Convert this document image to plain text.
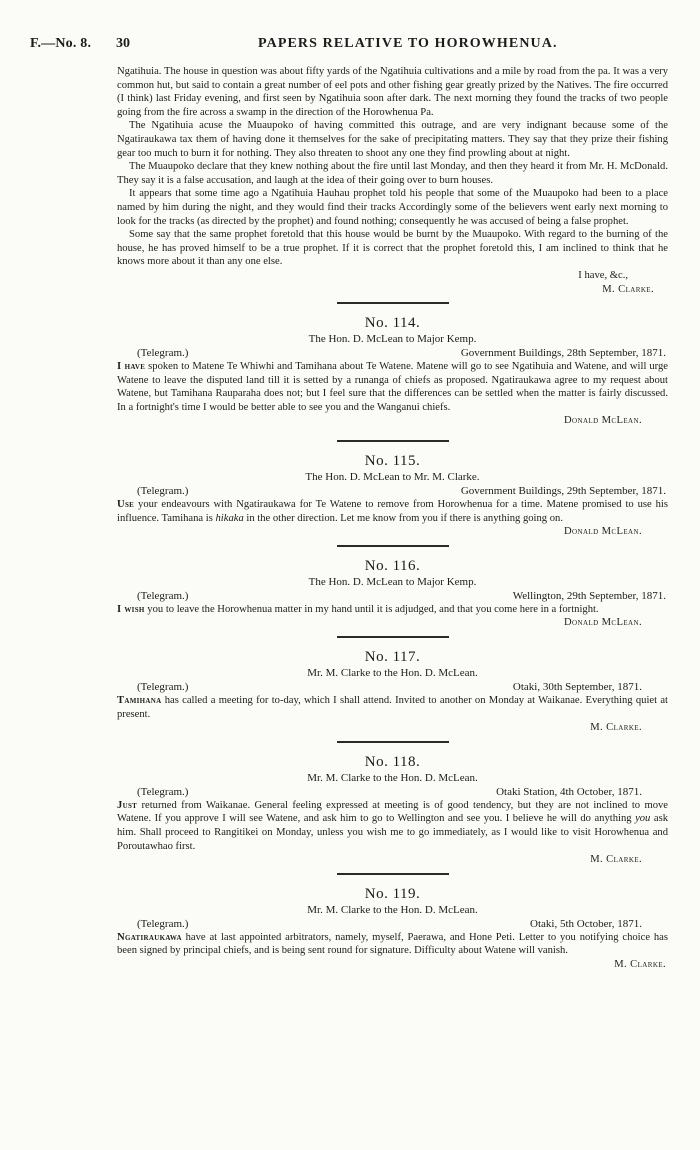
F.—No. 8. 30	PAPERS RELATIVE TO HOROWHENUA.

Ngatihuia. The house in question was about fifty yards of the Ngatihuia cultivations and a mile by road from the pa. It was a very common hut, but said to contain a great number of eel pots and other fishing gear greatly prized by the Natives. The fire occurred (I think) last Friday evening, and first seen by Ngatihuia soon after dark. The next morning they found the tracks of two people going from the fire across a swamp in the direction of the Horowhenua Pa.

The Ngatihuia acuse the Muaupoko of having committed this outrage, and are very indignant because some of the Ngatiraukawa tax them of having done it themselves for the sake of precipitating matters. They say that they prize their fishing gear too much to burn it for nothing. They also threaten to shoot any one they find prowling about at night.

The Muaupoko declare that they knew nothing about the fire until last Monday, and then they heard it from Mr. H. McDonald. They say it is a false accusation, and laugh at the idea of their going over to burn houses.

It appears that some time ago a Ngatihuia Hauhau prophet told his people that some of the Muaupoko had been to a place named by him during the night, and they would find their tracks Accordingly some of the believers went early next morning to look for the tracks (as directed by the prophet) and found nothing; consequently he was accused of being a false prophet.

Some say that the same prophet foretold that this house would be burnt by the Muaupoko. With regard to the burning of the house, he has proved himself to be a true prophet. If it is correct that the prophet foretold this, I am inclined to think that he knows more about it than any one else.

I have, &c.,

M. Clarke.

No. 114.

The Hon. D. McLean to Major Kemp.

(Telegram.)	Government Buildings, 28th September, 1871.

I have spoken to Matene Te Whiwhi and Tamihana about Te Watene. Matene will go to see Ngatihuia and Watene, and will urge Watene to leave the disputed land till it is setted by a runanga of chiefs as proposed. Ngatiraukawa agree to my request about Watene, but Tamihana Rauparaha does not; but I feel sure that the differences can be settled when the matter is fairly discussed. In a fortnight's time I would be better able to see you and the Wanganui chiefs.

Donald McLean.

No. 115.

The Hon. D. McLean to Mr. M. Clarke.

(Telegram.)	Government Buildings, 29th September, 1871.

Use your endeavours with Ngatiraukawa for Te Watene to remove from Horowhenua for a time. Matene promised to use his influence. Tamihana is hikaka in the other direction. Let me know from you if there is anything going on.

Donald McLean.

No. 116.

The Hon. D. McLean to Major Kemp.

(Telegram.)	Wellington, 29th September, 1871.

I wish you to leave the Horowhenua matter in my hand until it is adjudged, and that you come here in a fortnight.

Donald McLean.

No. 117.

Mr. M. Clarke to the Hon. D. McLean.

(Telegram.)	Otaki, 30th September, 1871.

Tamihana has called a meeting for to-day, which I shall attend. Invited to another on Monday at Waikanae. Everything quiet at present.

M. Clarke.

No. 118.

Mr. M. Clarke to the Hon. D. McLean.

(Telegram.)	Otaki Station, 4th October, 1871.

Just returned from Waikanae. General feeling expressed at meeting is of good tendency, but they are not inclined to move Watene. If you approve I will see Watene, and ask him to go to Wellington and see you. I believe he will do anything you ask him. Shall proceed to Rangitikei on Monday, unless you wish me to go immediately, as I would like to visit Horowhenua and Poroutawhao first.

M. Clarke.

No. 119.

Mr. M. Clarke to the Hon. D. McLean.

(Telegram.)	Otaki, 5th October, 1871.

Ngatiraukawa have at last appointed arbitrators, namely, myself, Paerawa, and Hone Peti. Letter to you notifying choice has been signed by principal chiefs, and is being sent round for signature. Difficulty about Watene will vanish.

M. Clarke.
